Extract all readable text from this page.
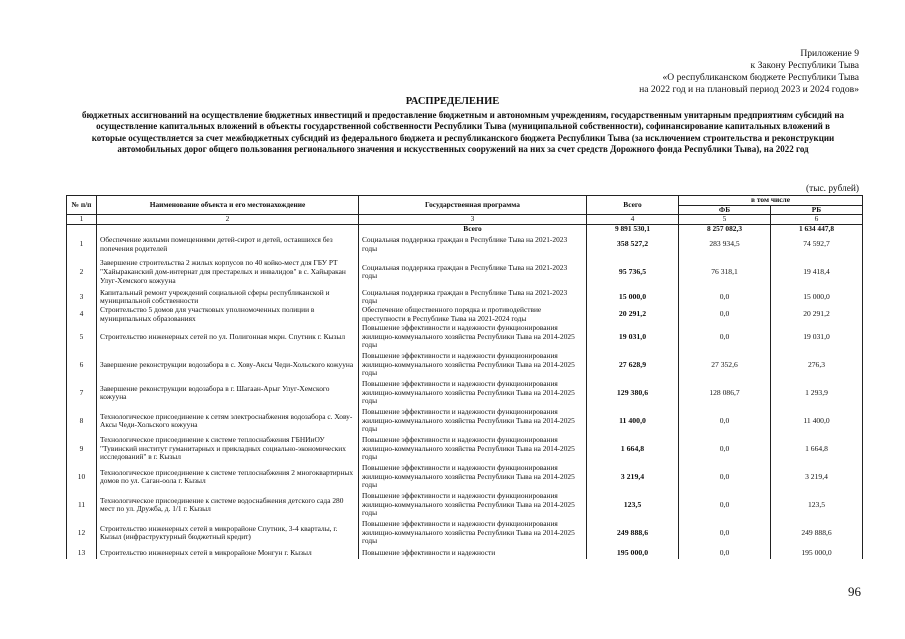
Приложение 9
к Закону Республики Тыва
«О республиканском бюджете Республики Тыва
на 2022 год и на плановый период 2023 и 2024 годов»
РАСПРЕДЕЛЕНИЕ
бюджетных ассигнований на осуществление бюджетных инвестиций и предоставление бюджетным и автономным учреждениям, государственным унитарным предприятиям субсидий на осуществление капитальных вложений в объекты государственной собственности Республики Тыва (муниципальной собственности), софинансирование капитальных вложений в которые осуществляется за счет межбюджетных субсидий из федерального бюджета и республиканского бюджета Республики Тыва (за исключением строительства и реконструкции автомобильных дорог общего пользования регионального значения и искусственных сооружений на них за счет средств Дорожного фонда Республики Тыва), на 2022 год
(тыс. рублей)
№ п/п	Наименование объекта и его местонахождение	Государственная программа	Всего	в том числе	
				ФБ	РБ
1	2	3	4	5	6
		Всего	9 891 530,1	8 257 082,3	1 634 447,8
1	Обеспечение жилыми помещениями детей-сирот и детей, оставшихся без попечения родителей	Социальная поддержка граждан в Республике Тыва на 2021-2023 годы	358 527,2	283 934,5	74 592,7
2	Завершение строительства 2 жилых корпусов по 40 койко-мест для ГБУ РТ "Хайыраканский дом-интернат для престарелых и инвалидов" в с. Хайыракан Улуг-Хемского кожууна	Социальная поддержка граждан в Республике Тыва на 2021-2023 годы	95 736,5	76 318,1	19 418,4
3	Капитальный ремонт учреждений социальной сферы республиканской и муниципальной собственности	Социальная поддержка граждан в Республике Тыва на 2021-2023 годы	15 000,0	0,0	15 000,0
4	Строительство 5 домов для участковых уполномоченных полиции в муниципальных образованиях	Обеспечение общественного порядка и противодействие преступности в Республике Тыва на 2021-2024 годы	20 291,2	0,0	20 291,2
5	Строительство инженерных сетей по ул. Полигонная мкрн. Спутник г. Кызыл	Повышение эффективности и надежности функционирования жилищно-коммунального хозяйства Республики Тыва на 2014-2025 годы	19 031,0	0,0	19 031,0
6	Завершение реконструкции водозабора в с. Хову-Аксы Чеди-Хольского кожууна	Повышение эффективности и надежности функционирования жилищно-коммунального хозяйства Республики Тыва на 2014-2025 годы	27 628,9	27 352,6	276,3
7	Завершение реконструкции водозабора в г. Шагаан-Арыг Улуг-Хемского кожууна	Повышение эффективности и надежности функционирования жилищно-коммунального хозяйства Республики Тыва на 2014-2025 годы	129 380,6	128 086,7	1 293,9
8	Технологическое присоединение к сетям электроснабжения водозабора с. Хову-Аксы Чеди-Хольского кожууна	Повышение эффективности и надежности функционирования жилищно-коммунального хозяйства Республики Тыва на 2014-2025 годы	11 400,0	0,0	11 400,0
9	Технологическое присоединение к системе теплоснабжения ГБНИиОУ "Тувинский институт гуманитарных и прикладных социально-экономических исследований" в г. Кызыл	Повышение эффективности и надежности функционирования жилищно-коммунального хозяйства Республики Тыва на 2014-2025 годы	1 664,8	0,0	1 664,8
10	Технологическое присоединение к системе теплоснабжения 2 многоквартирных домов по ул. Саган-оола г. Кызыл	Повышение эффективности и надежности функционирования жилищно-коммунального хозяйства Республики Тыва на 2014-2025 годы	3 219,4	0,0	3 219,4
11	Технологическое присоединение к системе водоснабжения детского сада 280 мест по ул. Дружба, д. 1/1 г. Кызыл	Повышение эффективности и надежности функционирования жилищно-коммунального хозяйства Республики Тыва на 2014-2025 годы	123,5	0,0	123,5
12	Строительство инженерных сетей в микрорайоне Спутник, 3-4 кварталы, г. Кызыл (инфраструктурный бюджетный кредит)	Повышение эффективности и надежности функционирования жилищно-коммунального хозяйства Республики Тыва на 2014-2025 годы	249 888,6	0,0	249 888,6
13	Строительство инженерных сетей в микрорайоне Монгун г. Кызыл	Повышение эффективности и надежности	195 000,0	0,0	195 000,0
96
